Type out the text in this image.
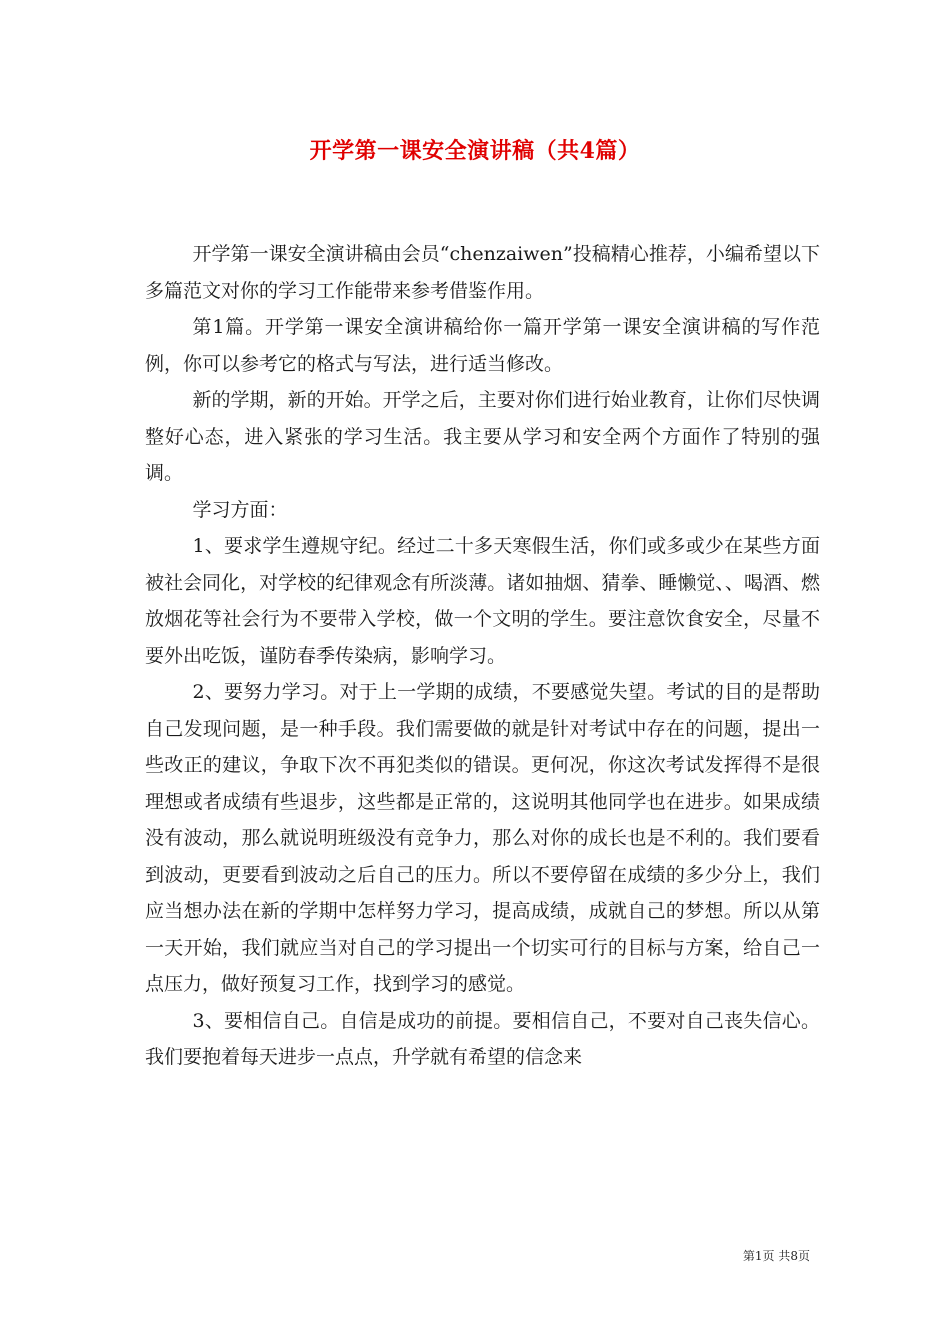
开学第一课安全演讲稿（共4篇）

开学第一课安全演讲稿由会员“chenzaiwen”投稿精心推荐，小编希望以下多篇范文对你的学习工作能带来参考借鉴作用。

第1篇。开学第一课安全演讲稿给你一篇开学第一课安全演讲稿的写作范例，你可以参考它的格式与写法，进行适当修改。

新的学期，新的开始。开学之后，主要对你们进行始业教育，让你们尽快调整好心态，进入紧张的学习生活。我主要从学习和安全两个方面作了特别的强调。

学习方面：

1、要求学生遵规守纪。经过二十多天寒假生活，你们或多或少在某些方面被社会同化，对学校的纪律观念有所淡薄。诸如抽烟、猜拳、睡懒觉、、喝酒、燃放烟花等社会行为不要带入学校，做一个文明的学生。要注意饮食安全，尽量不要外出吃饭，谨防春季传染病，影响学习。

2、要努力学习。对于上一学期的成绩，不要感觉失望。考试的目的是帮助自己发现问题，是一种手段。我们需要做的就是针对考试中存在的问题，提出一些改正的建议，争取下次不再犯类似的错误。更何况，你这次考试发挥得不是很理想或者成绩有些退步，这些都是正常的，这说明其他同学也在进步。如果成绩没有波动，那么就说明班级没有竞争力，那么对你的成长也是不利的。我们要看到波动，更要看到波动之后自己的压力。所以不要停留在成绩的多少分上，我们应当想办法在新的学期中怎样努力学习，提高成绩，成就自己的梦想。所以从第一天开始，我们就应当对自己的学习提出一个切实可行的目标与方案，给自己一点压力，做好预复习工作，找到学习的感觉。

3、要相信自己。自信是成功的前提。要相信自己，不要对自己丧失信心。我们要抱着每天进步一点点，升学就有希望的信念来

第1页 共8页
